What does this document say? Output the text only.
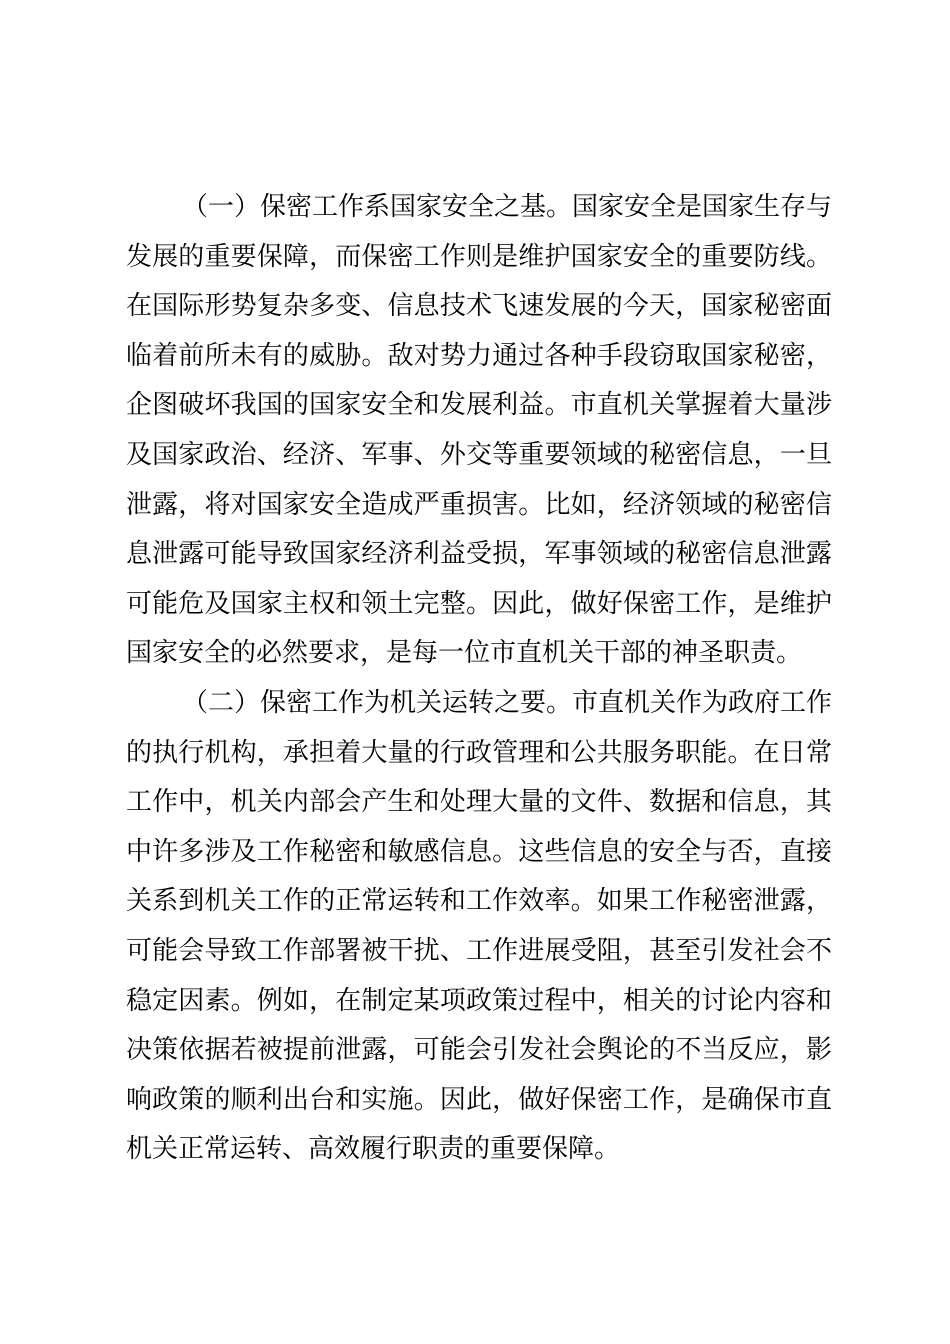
（一）保密工作系国家安全之基。国家安全是国家生存与
发展的重要保障，而保密工作则是维护国家安全的重要防线。
在国际形势复杂多变、信息技术飞速发展的今天，国家秘密面
临着前所未有的威胁。敌对势力通过各种手段窃取国家秘密，
企图破坏我国的国家安全和发展利益。市直机关掌握着大量涉
及国家政治、经济、军事、外交等重要领域的秘密信息，一旦
泄露，将对国家安全造成严重损害。比如，经济领域的秘密信
息泄露可能导致国家经济利益受损，军事领域的秘密信息泄露
可能危及国家主权和领土完整。因此，做好保密工作，是维护
国家安全的必然要求，是每一位市直机关干部的神圣职责。
（二）保密工作为机关运转之要。市直机关作为政府工作
的执行机构，承担着大量的行政管理和公共服务职能。在日常
工作中，机关内部会产生和处理大量的文件、数据和信息，其
中许多涉及工作秘密和敏感信息。这些信息的安全与否，直接
关系到机关工作的正常运转和工作效率。如果工作秘密泄露，
可能会导致工作部署被干扰、工作进展受阻，甚至引发社会不
稳定因素。例如，在制定某项政策过程中，相关的讨论内容和
决策依据若被提前泄露，可能会引发社会舆论的不当反应，影
响政策的顺利出台和实施。因此，做好保密工作，是确保市直
机关正常运转、高效履行职责的重要保障。
